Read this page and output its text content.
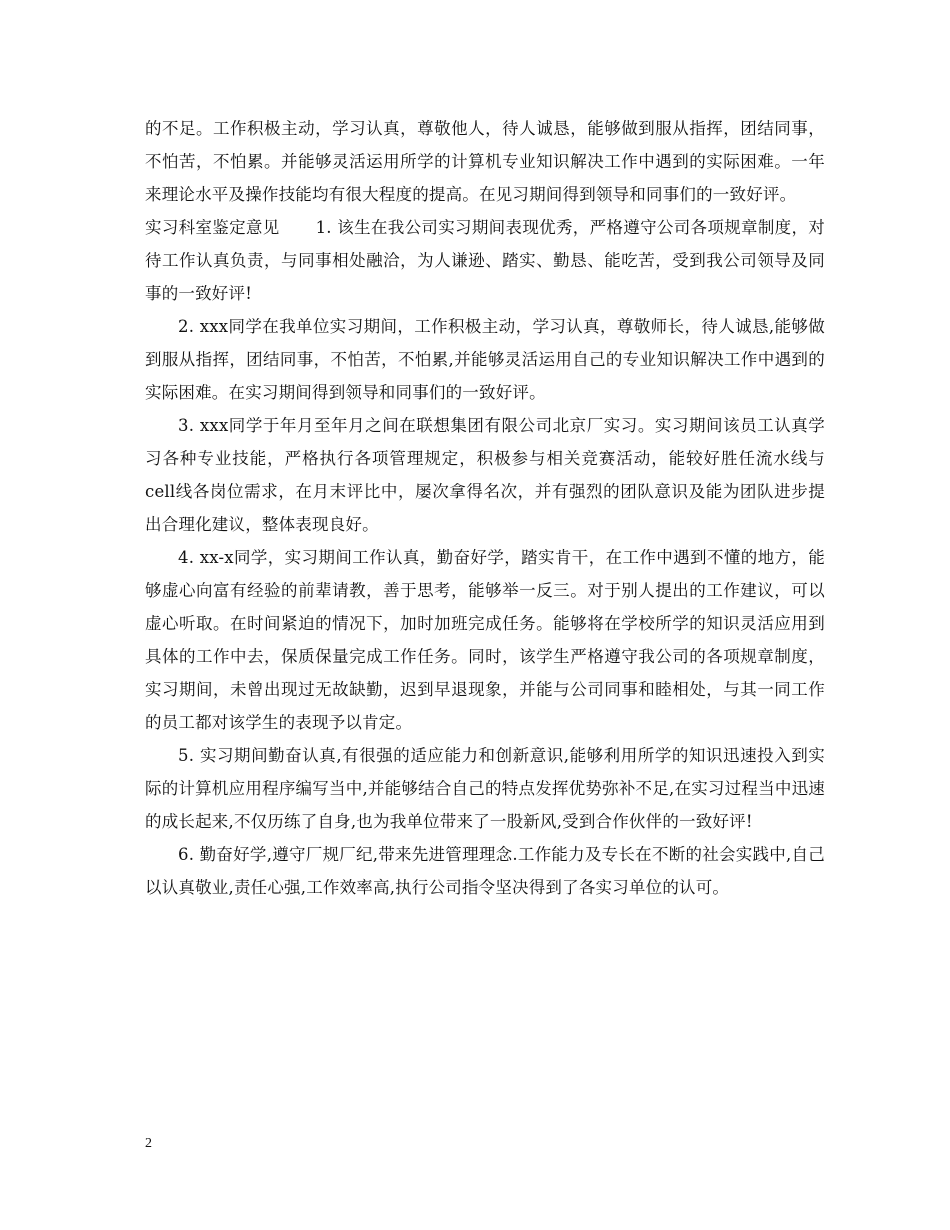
的不足。工作积极主动，学习认真，尊敬他人，待人诚恳，能够做到服从指挥，团结同事，不怕苦，不怕累。并能够灵活运用所学的计算机专业知识解决工作中遇到的实际困难。一年来理论水平及操作技能均有很大程度的提高。在见习期间得到领导和同事们的一致好评。

实习科室鉴定意见 1. 该生在我公司实习期间表现优秀，严格遵守公司各项规章制度，对待工作认真负责，与同事相处融洽，为人谦逊、踏实、勤恳、能吃苦，受到我公司领导及同事的一致好评!

2. xxx同学在我单位实习期间，工作积极主动，学习认真，尊敬师长，待人诚恳,能够做到服从指挥，团结同事，不怕苦，不怕累,并能够灵活运用自己的专业知识解决工作中遇到的实际困难。在实习期间得到领导和同事们的一致好评。

3. xxx同学于年月至年月之间在联想集团有限公司北京厂实习。实习期间该员工认真学习各种专业技能，严格执行各项管理规定，积极参与相关竞赛活动，能较好胜任流水线与cell线各岗位需求，在月末评比中，屡次拿得名次，并有强烈的团队意识及能为团队进步提出合理化建议，整体表现良好。

4. xx-x同学，实习期间工作认真，勤奋好学，踏实肯干，在工作中遇到不懂的地方，能够虚心向富有经验的前辈请教，善于思考，能够举一反三。对于别人提出的工作建议，可以虚心听取。在时间紧迫的情况下，加时加班完成任务。能够将在学校所学的知识灵活应用到具体的工作中去，保质保量完成工作任务。同时，该学生严格遵守我公司的各项规章制度，实习期间，未曾出现过无故缺勤，迟到早退现象，并能与公司同事和睦相处，与其一同工作的员工都对该学生的表现予以肯定。

5. 实习期间勤奋认真,有很强的适应能力和创新意识,能够利用所学的知识迅速投入到实际的计算机应用程序编写当中,并能够结合自己的特点发挥优势弥补不足,在实习过程当中迅速的成长起来,不仅历练了自身,也为我单位带来了一股新风,受到合作伙伴的一致好评!

6. 勤奋好学,遵守厂规厂纪,带来先进管理理念.工作能力及专长在不断的社会实践中,自己以认真敬业,责任心强,工作效率高,执行公司指令坚决得到了各实习单位的认可。

2
